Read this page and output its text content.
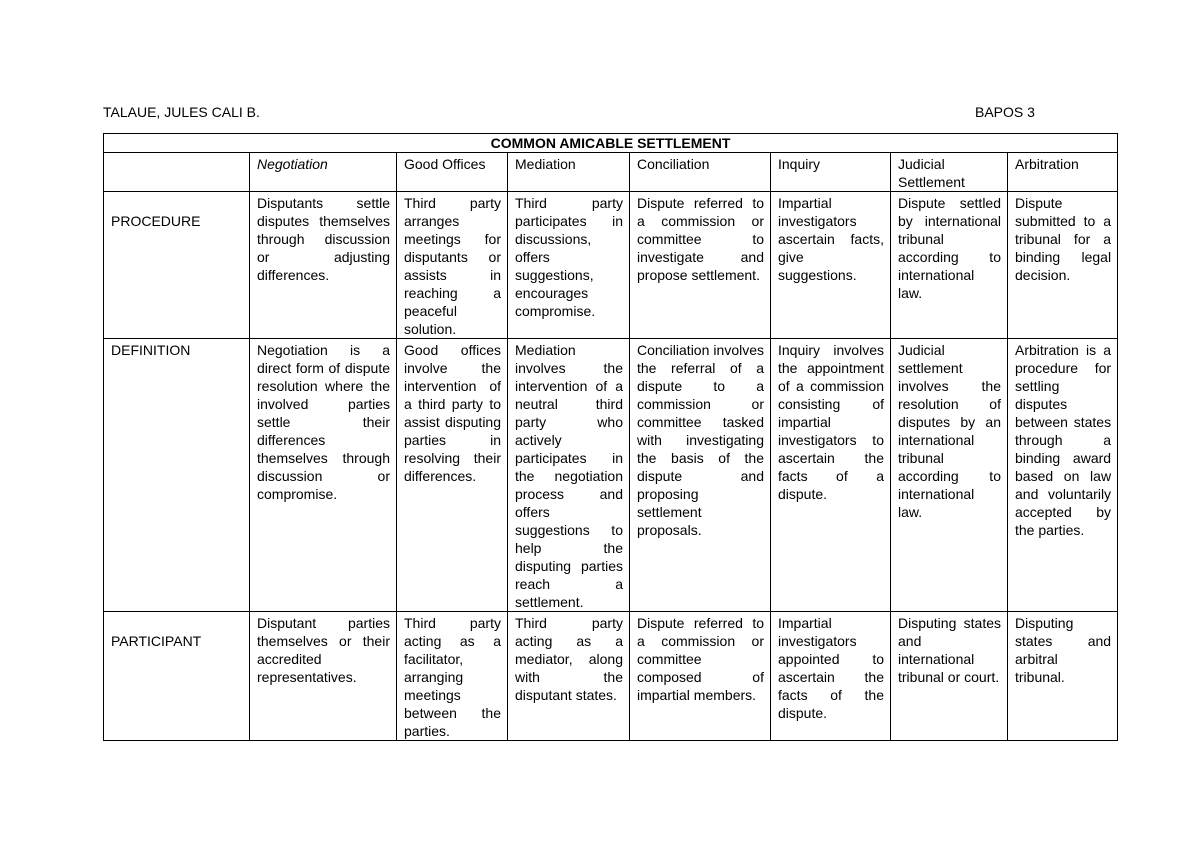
TALAUE, JULES CALI B.	BAPOS 3
COMMON AMICABLE SETTLEMENT							
	Negotiation	Good Offices	Mediation	Conciliation	Inquiry	Judicial Settlement	Arbitration

PROCEDURE	Disputants settle disputes themselves through discussion or adjusting differences.	Third party arranges meetings for disputants or assists in reaching a peaceful solution.	Third party participates in discussions, offers suggestions, encourages compromise.	Dispute referred to a commission or committee to investigate and propose settlement.	Impartial investigators ascertain facts, give suggestions.	Dispute settled by international tribunal according to international law.	Dispute submitted to a tribunal for a binding legal decision.
DEFINITION	Negotiation is a direct form of dispute resolution where the involved parties settle their differences themselves through discussion or compromise.	Good offices involve the intervention of a third party to assist disputing parties in resolving their differences.	Mediation involves the intervention of a neutral third party who actively participates in the negotiation process and offers suggestions to help the disputing parties reach a settlement.	Conciliation involves the referral of a dispute to a commission or committee tasked with investigating the basis of the dispute and proposing settlement proposals.	Inquiry involves the appointment of a commission consisting of impartial investigators to ascertain the facts of a dispute.	Judicial settlement involves the resolution of disputes by an international tribunal according to international law.	Arbitration is a procedure for settling disputes between states through a binding award based on law and voluntarily accepted by the parties.

PARTICIPANT	Disputant parties themselves or their accredited representatives.	Third party acting as a facilitator, arranging meetings between the parties.	Third party acting as a mediator, along with the disputant states.	Dispute referred to a commission or committee composed of impartial members.	Impartial investigators appointed to ascertain the facts of the dispute.	Disputing states and international tribunal or court.	Disputing states and arbitral tribunal.
